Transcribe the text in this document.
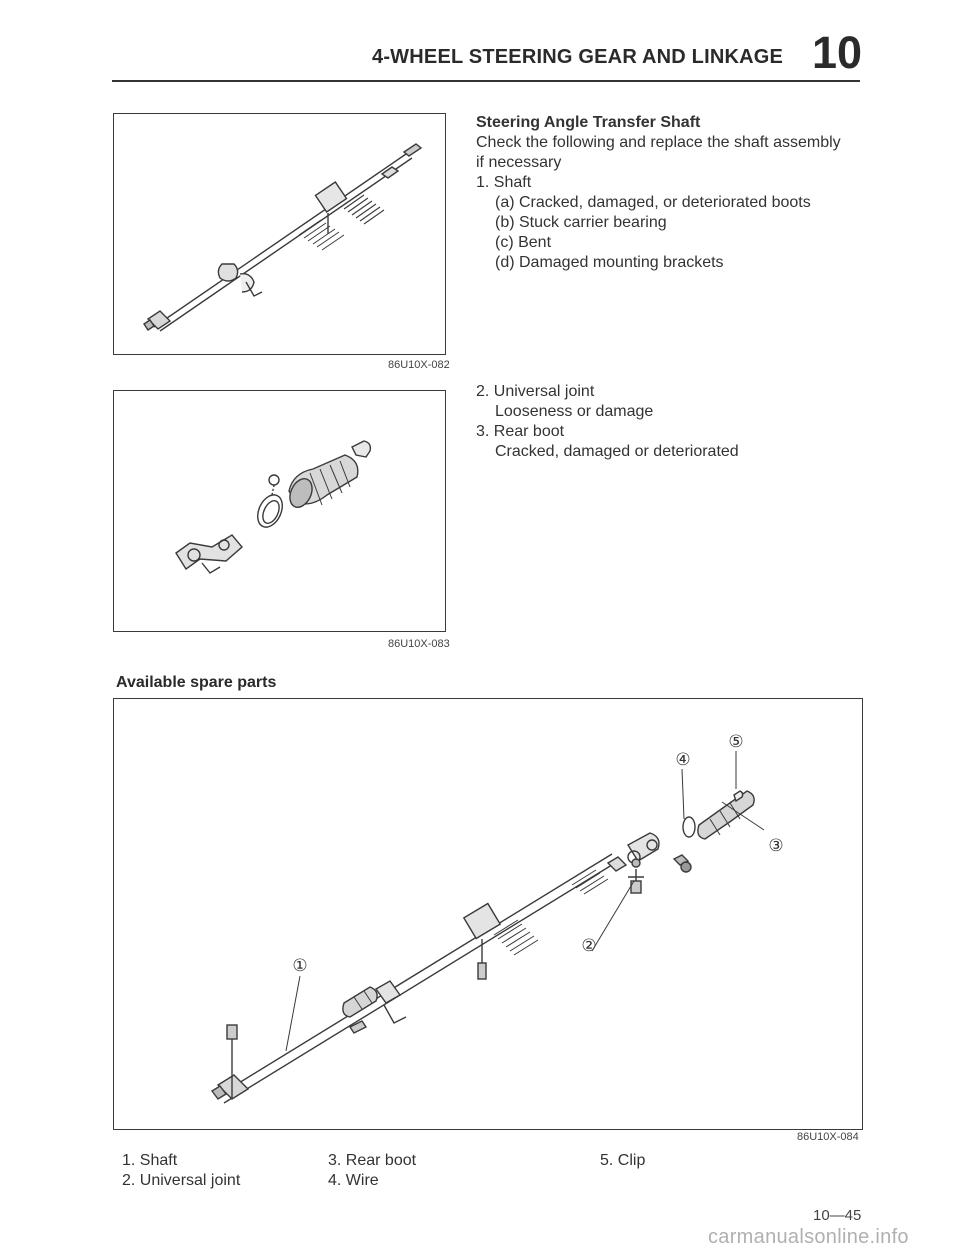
4-WHEEL STEERING GEAR AND LINKAGE 10
86U10X-082
86U10X-083
Steering Angle Transfer Shaft
Check the following and replace the shaft assembly
if necessary
1. Shaft
(a) Cracked, damaged, or deteriorated boots
(b) Stuck carrier bearing
(c) Bent
(d) Damaged mounting brackets
2. Universal joint
Looseness or damage
3. Rear boot
Cracked, damaged or deteriorated
Available spare parts
①
②
③
④
⑤
86U10X-084
1. Shaft
2. Universal joint
3. Rear boot
4. Wire
5. Clip
10—45
carmanualsonline.info
